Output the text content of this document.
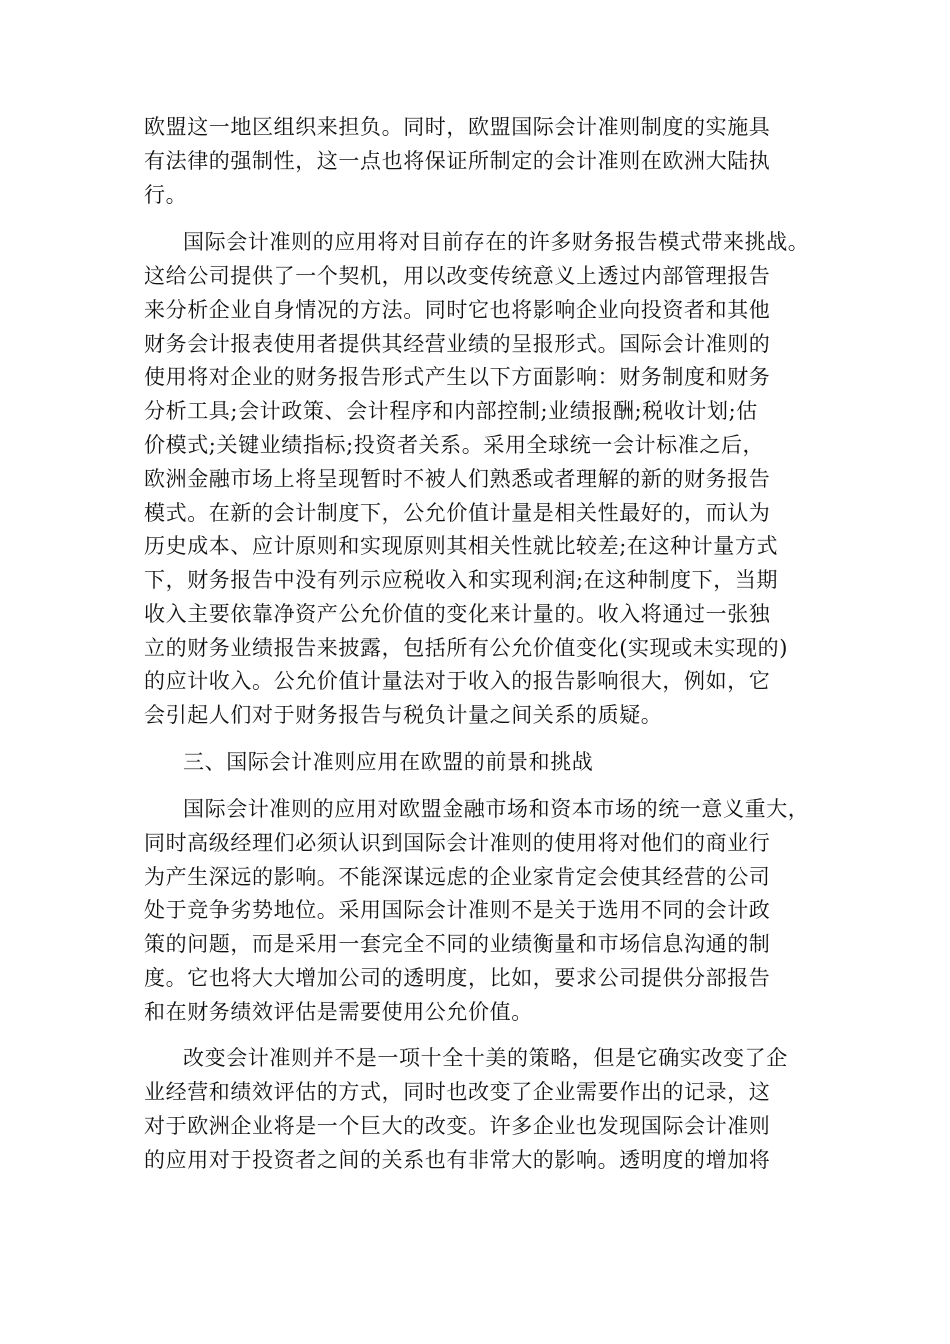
欧盟这一地区组织来担负。同时，欧盟国际会计准则制度的实施具
有法律的强制性，这一点也将保证所制定的会计准则在欧洲大陆执
行。
国际会计准则的应用将对目前存在的许多财务报告模式带来挑战。
这给公司提供了一个契机，用以改变传统意义上透过内部管理报告
来分析企业自身情况的方法。同时它也将影响企业向投资者和其他
财务会计报表使用者提供其经营业绩的呈报形式。国际会计准则的
使用将对企业的财务报告形式产生以下方面影响：财务制度和财务
分析工具;会计政策、会计程序和内部控制;业绩报酬;税收计划;估
价模式;关键业绩指标;投资者关系。采用全球统一会计标准之后，
欧洲金融市场上将呈现暂时不被人们熟悉或者理解的新的财务报告
模式。在新的会计制度下，公允价值计量是相关性最好的，而认为
历史成本、应计原则和实现原则其相关性就比较差;在这种计量方式
下，财务报告中没有列示应税收入和实现利润;在这种制度下，当期
收入主要依靠净资产公允价值的变化来计量的。收入将通过一张独
立的财务业绩报告来披露，包括所有公允价值变化(实现或未实现的)
的应计收入。公允价值计量法对于收入的报告影响很大，例如，它
会引起人们对于财务报告与税负计量之间关系的质疑。
三、国际会计准则应用在欧盟的前景和挑战
国际会计准则的应用对欧盟金融市场和资本市场的统一意义重大，
同时高级经理们必须认识到国际会计准则的使用将对他们的商业行
为产生深远的影响。不能深谋远虑的企业家肯定会使其经营的公司
处于竞争劣势地位。采用国际会计准则不是关于选用不同的会计政
策的问题，而是采用一套完全不同的业绩衡量和市场信息沟通的制
度。它也将大大增加公司的透明度，比如，要求公司提供分部报告
和在财务绩效评估是需要使用公允价值。
改变会计准则并不是一项十全十美的策略，但是它确实改变了企
业经营和绩效评估的方式，同时也改变了企业需要作出的记录，这
对于欧洲企业将是一个巨大的改变。许多企业也发现国际会计准则
的应用对于投资者之间的关系也有非常大的影响。透明度的增加将
